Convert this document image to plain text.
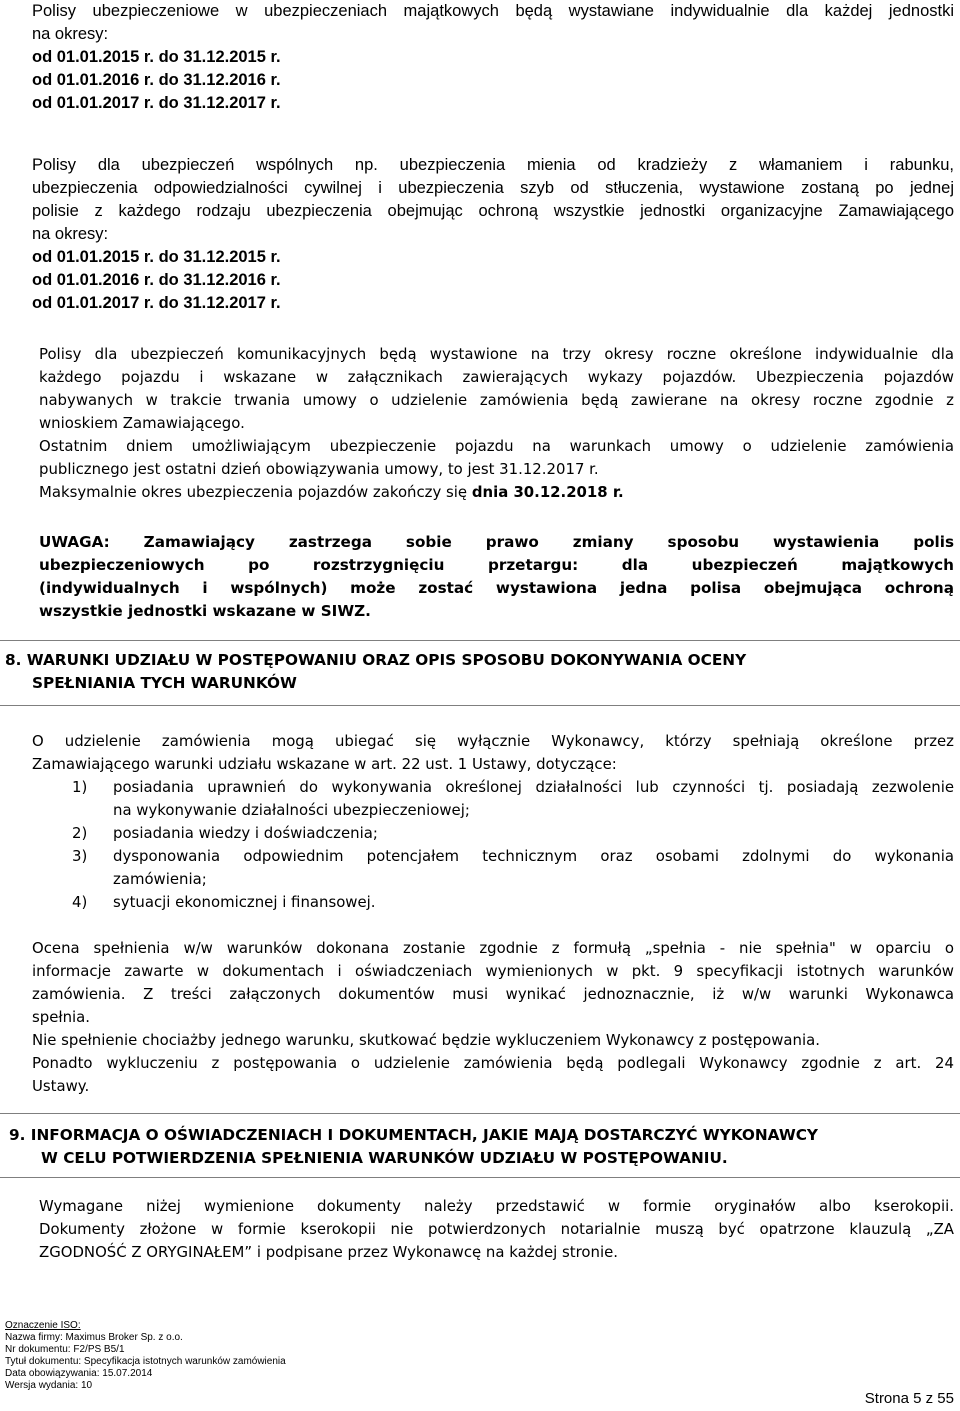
Polisy ubezpieczeniowe w ubezpieczeniach majątkowych będą wystawiane indywidualnie dla każdej jednostki
na okresy:
od 01.01.2015 r. do 31.12.2015 r.
od 01.01.2016 r. do 31.12.2016 r.
od 01.01.2017 r. do 31.12.2017 r.
Polisy dla ubezpieczeń wspólnych np. ubezpieczenia mienia od kradzieży z włamaniem i rabunku,
ubezpieczenia odpowiedzialności cywilnej i ubezpieczenia szyb od stłuczenia, wystawione zostaną po jednej
polisie z każdego rodzaju ubezpieczenia obejmując ochroną wszystkie jednostki organizacyjne Zamawiającego
na okresy:
od 01.01.2015 r. do 31.12.2015 r.
od 01.01.2016 r. do 31.12.2016 r.
od 01.01.2017 r. do 31.12.2017 r.
Polisy dla ubezpieczeń komunikacyjnych będą wystawione na trzy okresy roczne określone indywidualnie dla
każdego pojazdu i wskazane w załącznikach zawierających wykazy pojazdów. Ubezpieczenia pojazdów
nabywanych w trakcie trwania umowy o udzielenie zamówienia będą zawierane na okresy roczne zgodnie z
wnioskiem Zamawiającego.
Ostatnim dniem umożliwiającym ubezpieczenie pojazdu na warunkach umowy o udzielenie zamówienia
publicznego jest ostatni dzień obowiązywania umowy, to jest 31.12.2017 r.
Maksymalnie okres ubezpieczenia pojazdów zakończy się dnia 30.12.2018 r.
UWAGA: Zamawiający zastrzega sobie prawo zmiany sposobu wystawienia polis
ubezpieczeniowych po rozstrzygnięciu przetargu: dla ubezpieczeń majątkowych
(indywidualnych i wspólnych) może zostać wystawiona jedna polisa obejmująca ochroną
wszystkie jednostki wskazane w SIWZ.
8. WARUNKI UDZIAŁU W POSTĘPOWANIU ORAZ OPIS SPOSOBU DOKONYWANIA OCENY
SPEŁNIANIA TYCH WARUNKÓW
O udzielenie zamówienia mogą ubiegać się wyłącznie Wykonawcy, którzy spełniają określone przez
Zamawiającego warunki udziału wskazane w art. 22 ust. 1 Ustawy, dotyczące:
1) posiadania uprawnień do wykonywania określonej działalności lub czynności tj. posiadają zezwolenie
na wykonywanie działalności ubezpieczeniowej;
2) posiadania wiedzy i doświadczenia;
3) dysponowania odpowiednim potencjałem technicznym oraz osobami zdolnymi do wykonania
zamówienia;
4) sytuacji ekonomicznej i finansowej.
Ocena spełnienia w/w warunków dokonana zostanie zgodnie z formułą „spełnia - nie spełnia" w oparciu o
informacje zawarte w dokumentach i oświadczeniach wymienionych w pkt. 9 specyfikacji istotnych warunków
zamówienia. Z treści załączonych dokumentów musi wynikać jednoznacznie, iż w/w warunki Wykonawca
spełnia.
Nie spełnienie chociażby jednego warunku, skutkować będzie wykluczeniem Wykonawcy z postępowania.
Ponadto wykluczeniu z postępowania o udzielenie zamówienia będą podlegali Wykonawcy zgodnie z art. 24
Ustawy.
9. INFORMACJA O OŚWIADCZENIACH I DOKUMENTACH, JAKIE MAJĄ DOSTARCZYĆ WYKONAWCY
W CELU POTWIERDZENIA SPEŁNIENIA WARUNKÓW UDZIAŁU W POSTĘPOWANIU.
Wymagane niżej wymienione dokumenty należy przedstawić w formie oryginałów albo kserokopii.
Dokumenty złożone w formie kserokopii nie potwierdzonych notarialnie muszą być opatrzone klauzulą „ZA
ZGODNOŚĆ Z ORYGINAŁEM” i podpisane przez Wykonawcę na każdej stronie.
Oznaczenie ISO:
Nazwa firmy: Maximus Broker Sp. z o.o.
Nr dokumentu: F2/PS B5/1
Tytuł dokumentu: Specyfikacja istotnych warunków zamówienia
Data obowiązywania: 15.07.2014
Wersja wydania: 10
Strona 5 z 55
